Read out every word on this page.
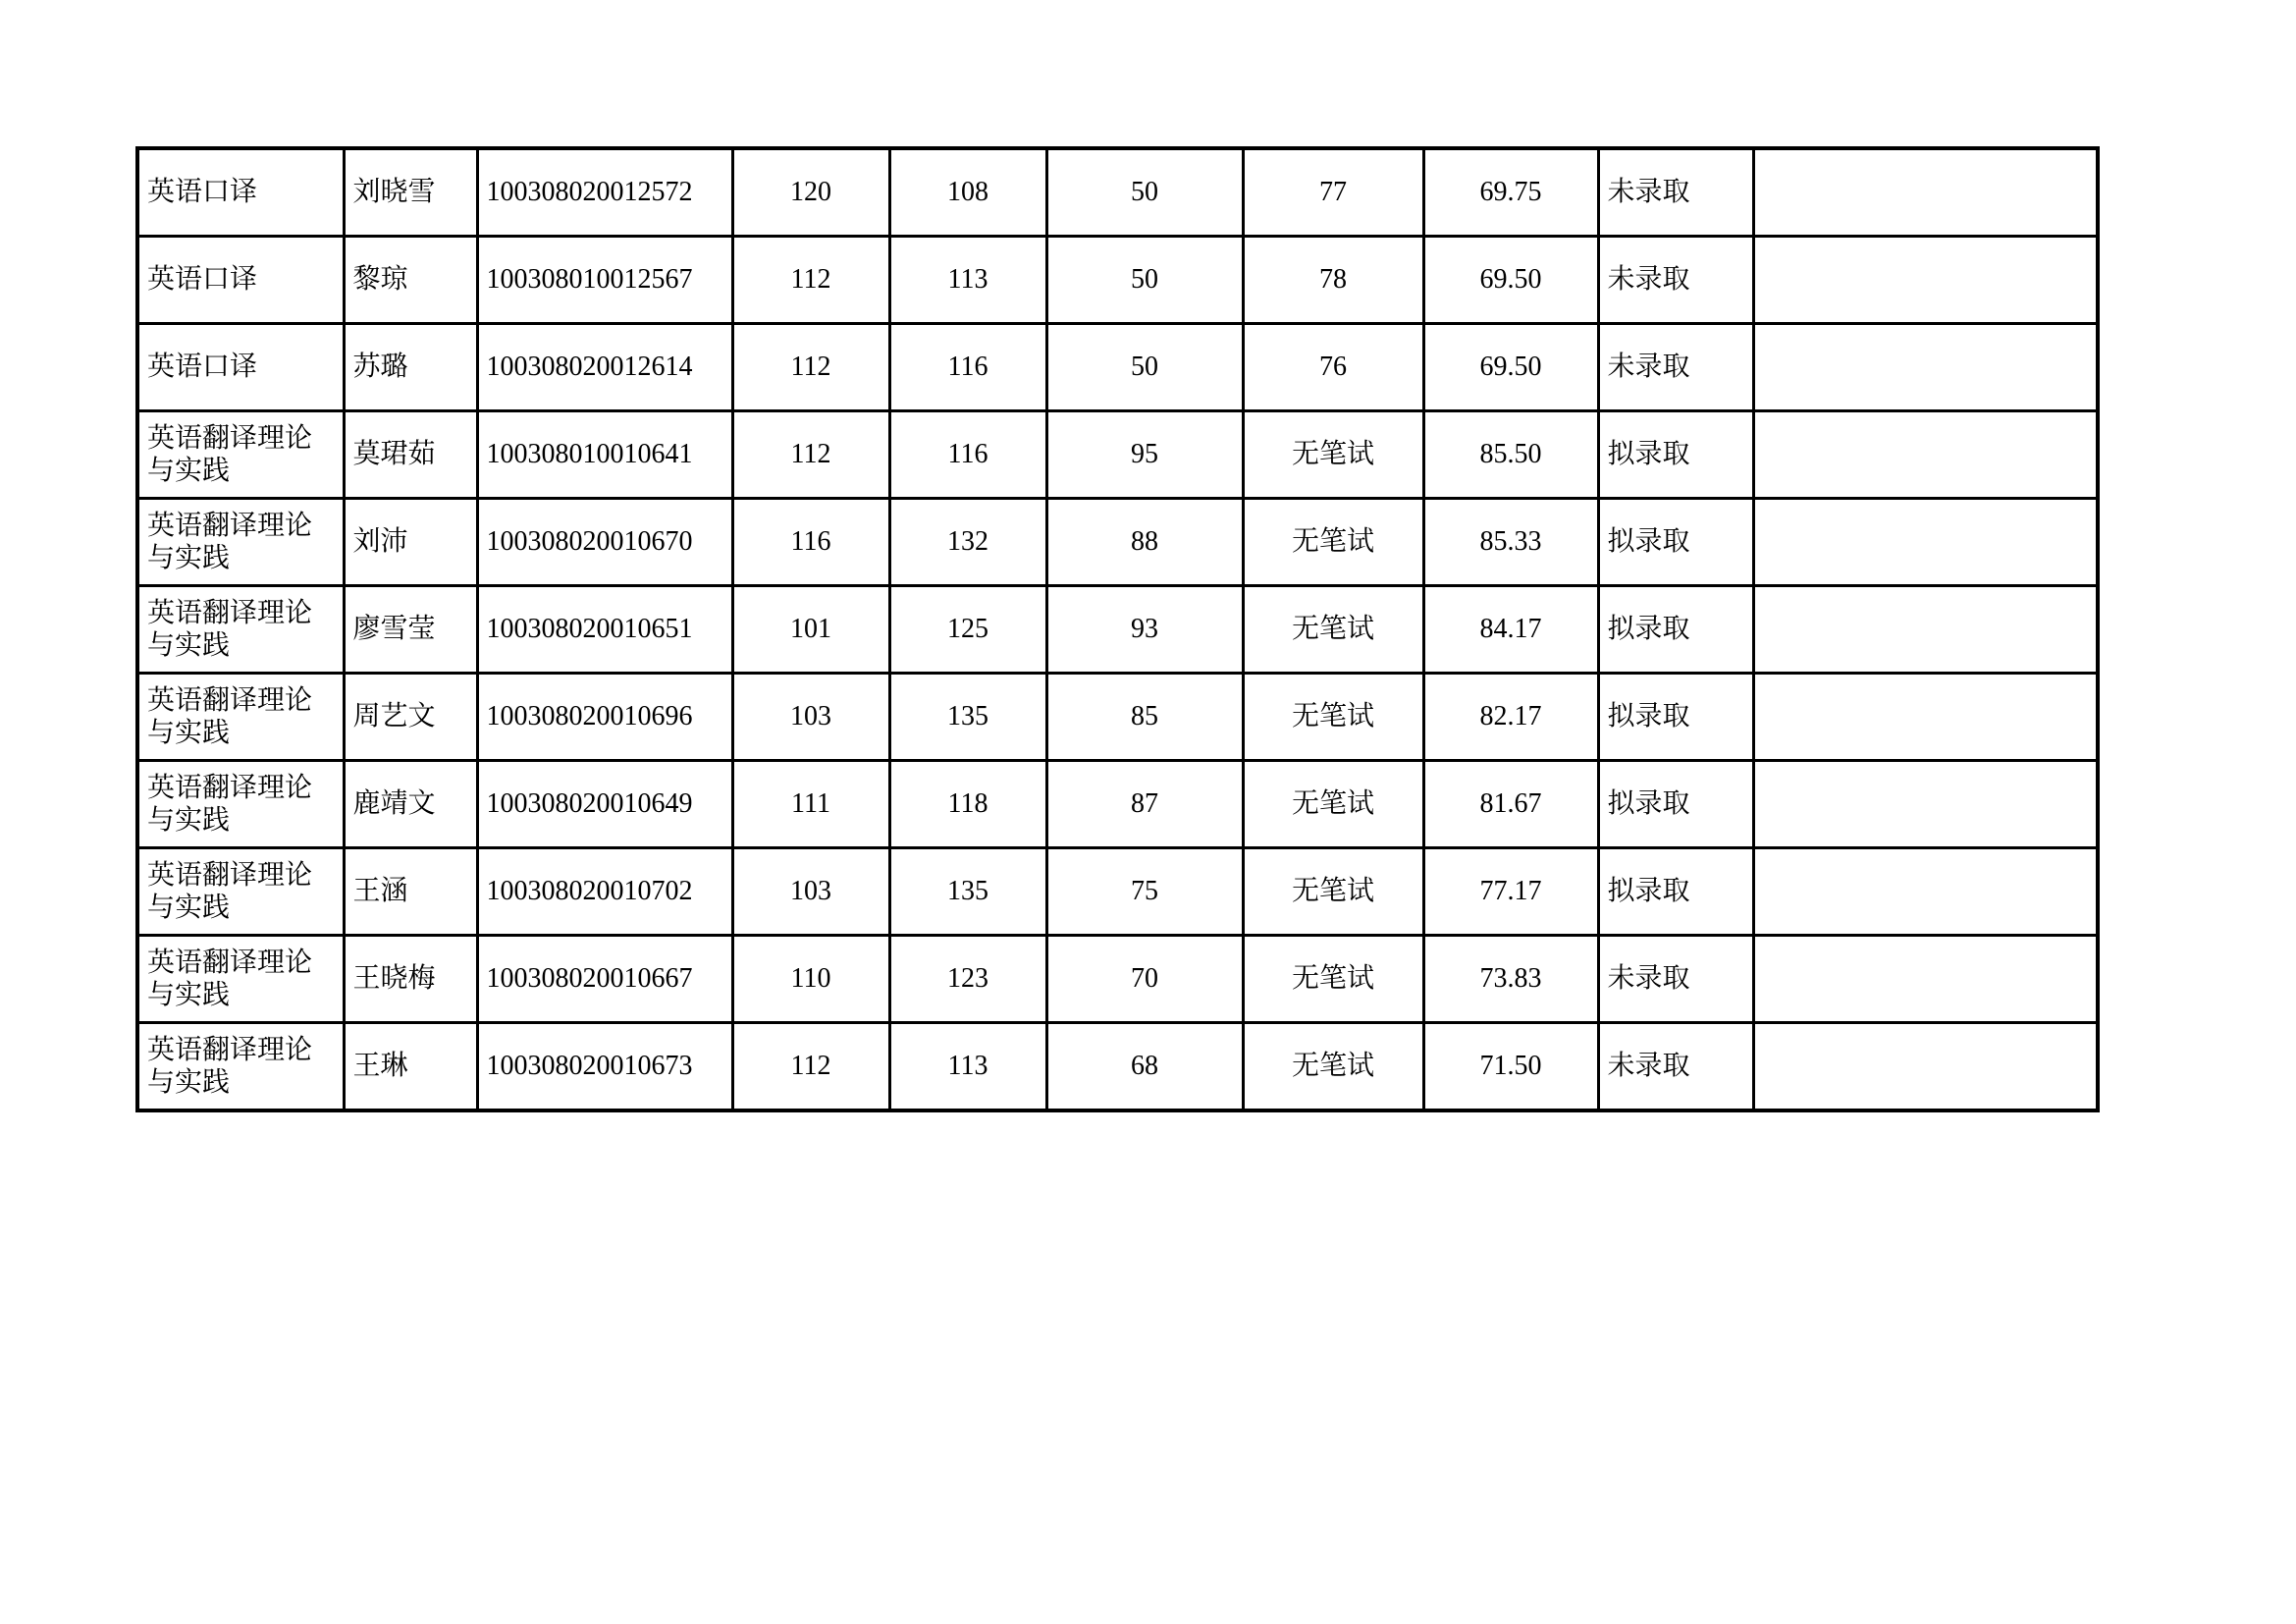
英语口译	刘晓雪	100308020012572	120	108	50	77	69.75	未录取	
英语口译	黎琼	100308010012567	112	113	50	78	69.50	未录取	
英语口译	苏璐	100308020012614	112	116	50	76	69.50	未录取	
英语翻译理论与实践	莫珺茹	100308010010641	112	116	95	无笔试	85.50	拟录取	
英语翻译理论与实践	刘沛	100308020010670	116	132	88	无笔试	85.33	拟录取	
英语翻译理论与实践	廖雪莹	100308020010651	101	125	93	无笔试	84.17	拟录取	
英语翻译理论与实践	周艺文	100308020010696	103	135	85	无笔试	82.17	拟录取	
英语翻译理论与实践	鹿靖文	100308020010649	111	118	87	无笔试	81.67	拟录取	
英语翻译理论与实践	王涵	100308020010702	103	135	75	无笔试	77.17	拟录取	
英语翻译理论与实践	王晓梅	100308020010667	110	123	70	无笔试	73.83	未录取	
英语翻译理论与实践	王琳	100308020010673	112	113	68	无笔试	71.50	未录取	
